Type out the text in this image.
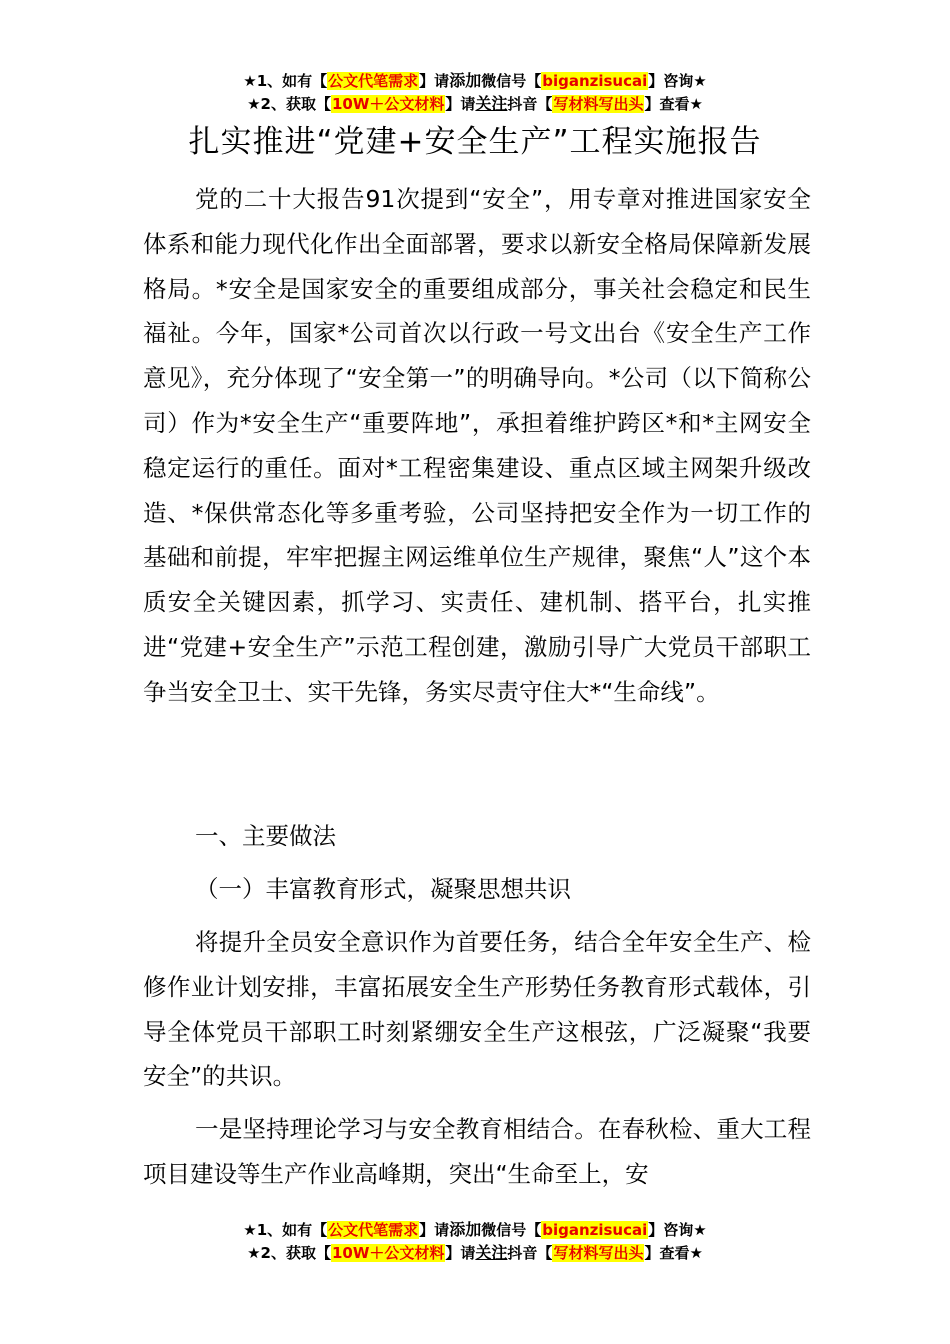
★1、如有【公文代笔需求】请添加微信号【biganzisucai】咨询★
★2、获取【10W＋公文材料】请关注抖音【写材料写出头】查看★
扎实推进“党建+安全生产”工程实施报告

党的二十大报告91次提到“安全”，用专章对推进国家安全体系和能力现代化作出全面部署，要求以新安全格局保障新发展格局。*安全是国家安全的重要组成部分，事关社会稳定和民生福祉。今年，国家*公司首次以行政一号文出台《安全生产工作意见》，充分体现了“安全第一”的明确导向。*公司（以下简称公司）作为*安全生产“重要阵地”，承担着维护跨区*和*主网安全稳定运行的重任。面对*工程密集建设、重点区域主网架升级改造、*保供常态化等多重考验，公司坚持把安全作为一切工作的基础和前提，牢牢把握主网运维单位生产规律，聚焦“人”这个本质安全关键因素，抓学习、实责任、建机制、搭平台，扎实推进“党建+安全生产”示范工程创建，激励引导广大党员干部职工争当安全卫士、实干先锋，务实尽责守住大*“生命线”。

一、主要做法

（一）丰富教育形式，凝聚思想共识

将提升全员安全意识作为首要任务，结合全年安全生产、检修作业计划安排，丰富拓展安全生产形势任务教育形式载体，引导全体党员干部职工时刻紧绷安全生产这根弦，广泛凝聚“我要安全”的共识。

一是坚持理论学习与安全教育相结合。在春秋检、重大工程项目建设等生产作业高峰期，突出“生命至上，安

★1、如有【公文代笔需求】请添加微信号【biganzisucai】咨询★
★2、获取【10W＋公文材料】请关注抖音【写材料写出头】查看★
